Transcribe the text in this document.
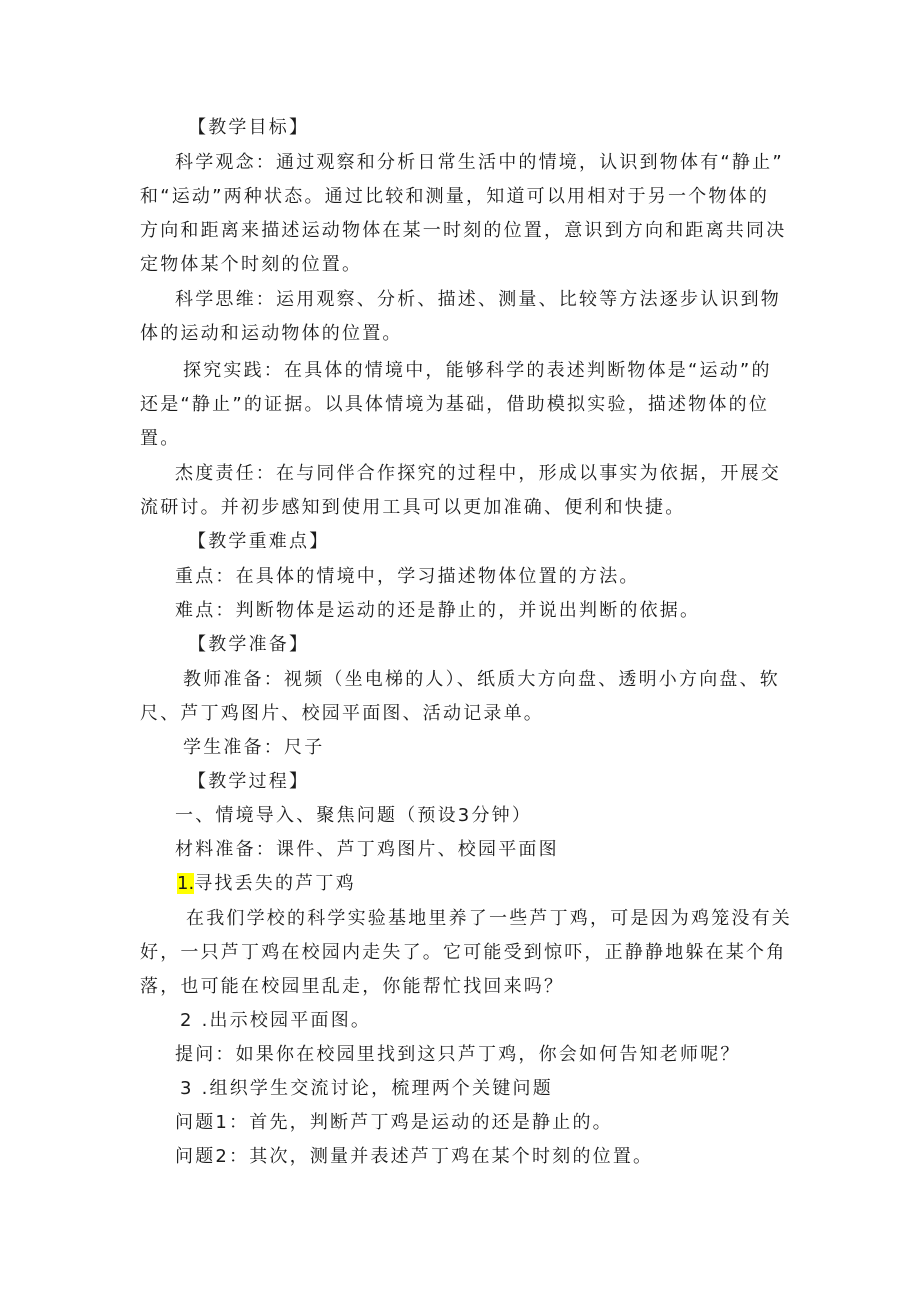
【教学目标】
科学观念：通过观察和分析日常生活中的情境，认识到物体有“静止”
和“运动”两种状态。通过比较和测量，知道可以用相对于另一个物体的
方向和距离来描述运动物体在某一时刻的位置，意识到方向和距离共同决
定物体某个时刻的位置。
科学思维：运用观察、分析、描述、测量、比较等方法逐步认识到物
体的运动和运动物体的位置。
探究实践：在具体的情境中，能够科学的表述判断物体是“运动”的
还是“静止”的证据。以具体情境为基础，借助模拟实验，描述物体的位
置。
杰度责任：在与同伴合作探究的过程中，形成以事实为依据，开展交
流研讨。并初步感知到使用工具可以更加准确、便利和快捷。
【教学重难点】
重点：在具体的情境中，学习描述物体位置的方法。
难点：判断物体是运动的还是静止的，并说出判断的依据。
【教学准备】
教师准备：视频（坐电梯的人）、纸质大方向盘、透明小方向盘、软
尺、芦丁鸡图片、校园平面图、活动记录单。
学生准备：尺子
【教学过程】
一、情境导入、聚焦问题（预设3分钟）
材料准备：课件、芦丁鸡图片、校园平面图
1.寻找丢失的芦丁鸡
在我们学校的科学实验基地里养了一些芦丁鸡，可是因为鸡笼没有关
好，一只芦丁鸡在校园内走失了。它可能受到惊吓，正静静地躲在某个角
落，也可能在校园里乱走，你能帮忙找回来吗？
2 .出示校园平面图。
提问：如果你在校园里找到这只芦丁鸡，你会如何告知老师呢？
3 .组织学生交流讨论，梳理两个关键问题
问题1：首先，判断芦丁鸡是运动的还是静止的。
问题2：其次，测量并表述芦丁鸡在某个时刻的位置。
